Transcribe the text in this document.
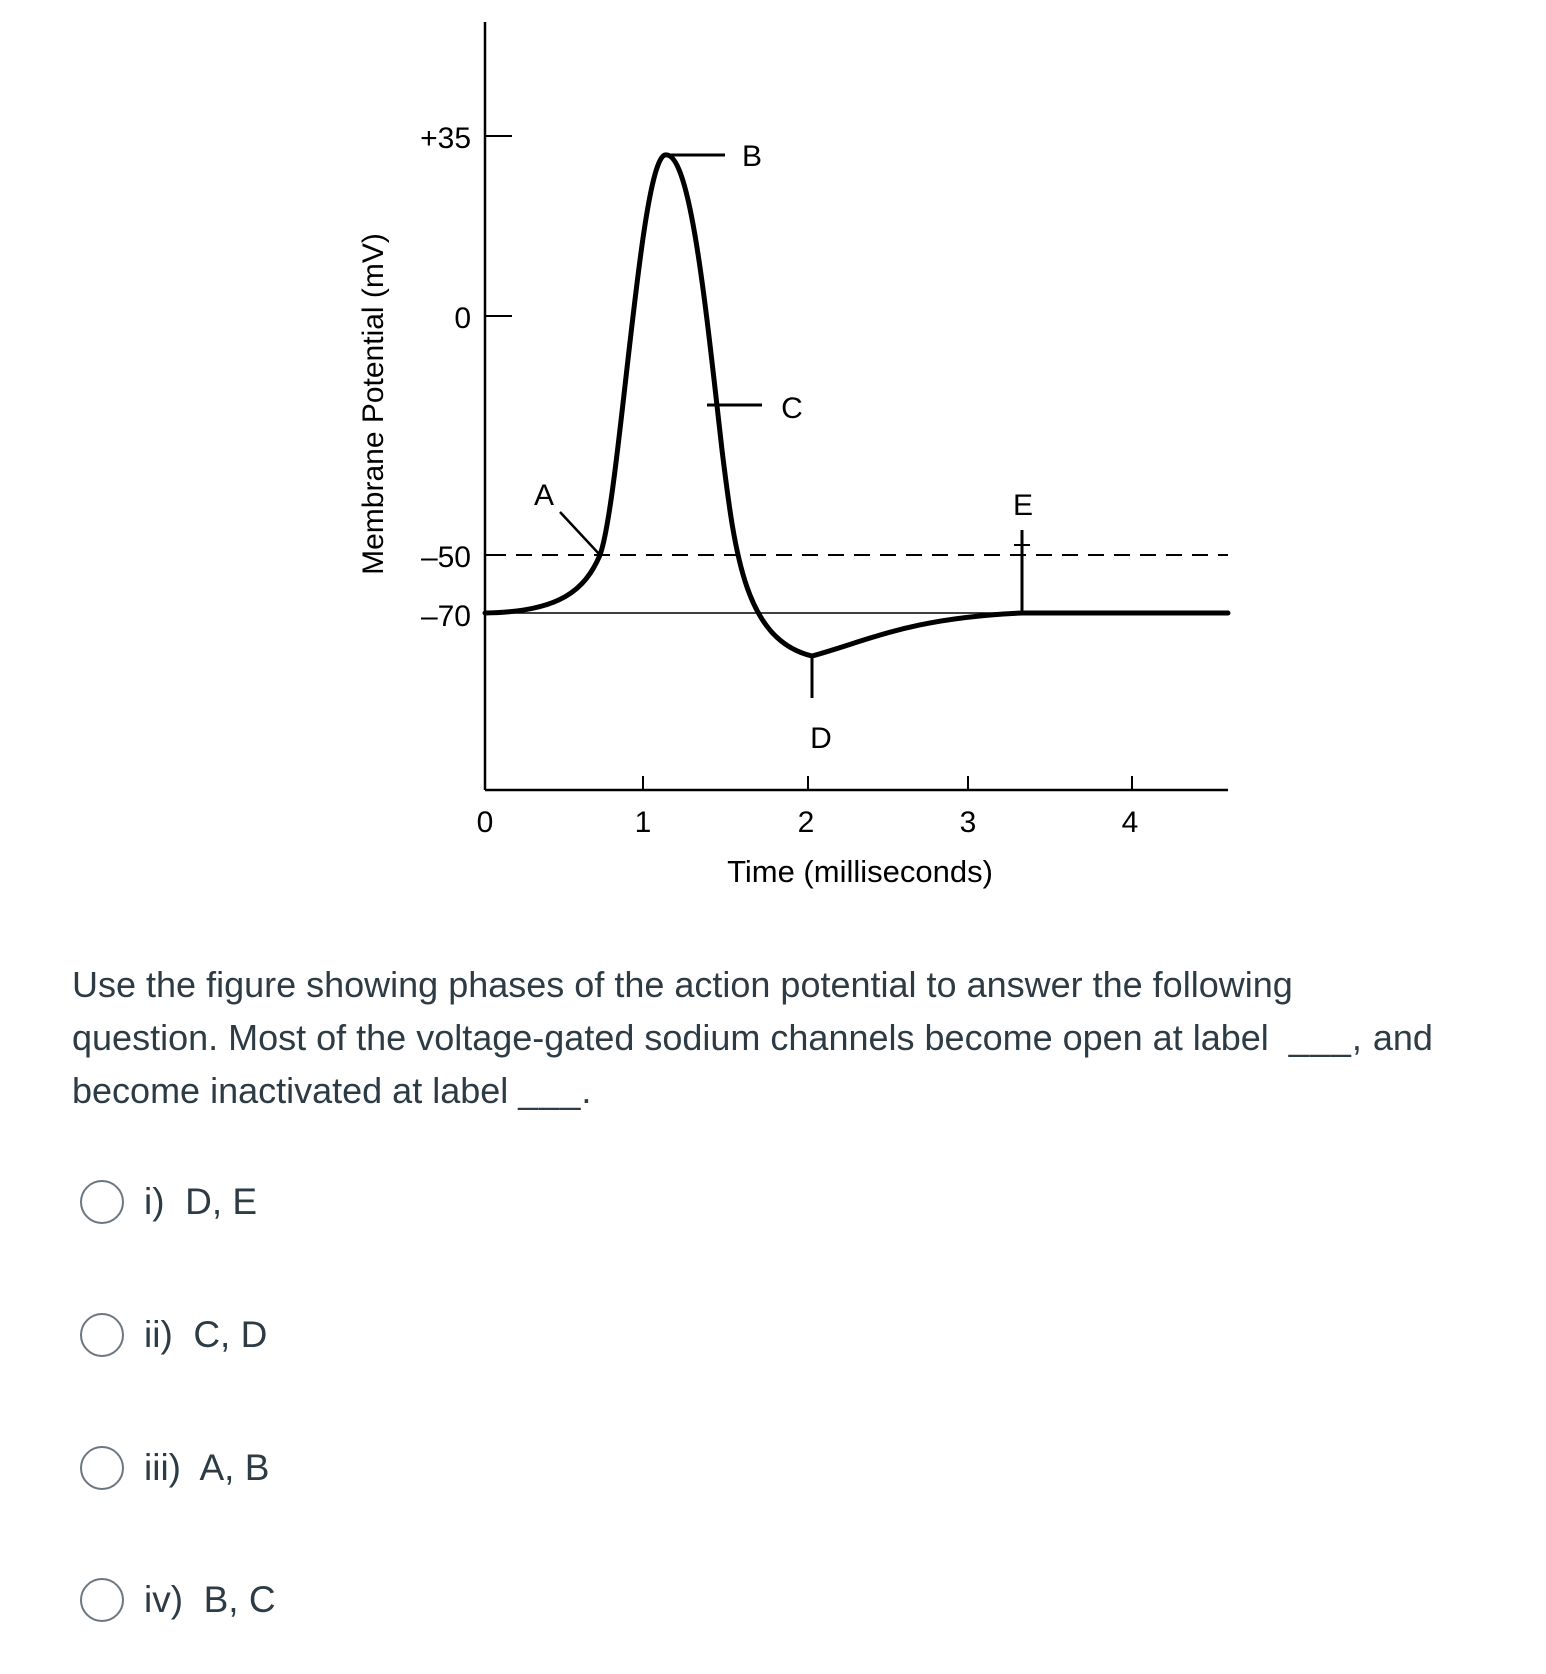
+35
0
–50
–70
Membrane Potential (mV)
0	1	2	3	4
Time (milliseconds)
A
B
C
D
E

Use the figure showing phases of the action potential to answer the following
question. Most of the voltage-gated sodium channels become open at label ___, and
become inactivated at label ___.

i)  D, E
ii)  C, D
iii)  A, B
iv)  B, C
